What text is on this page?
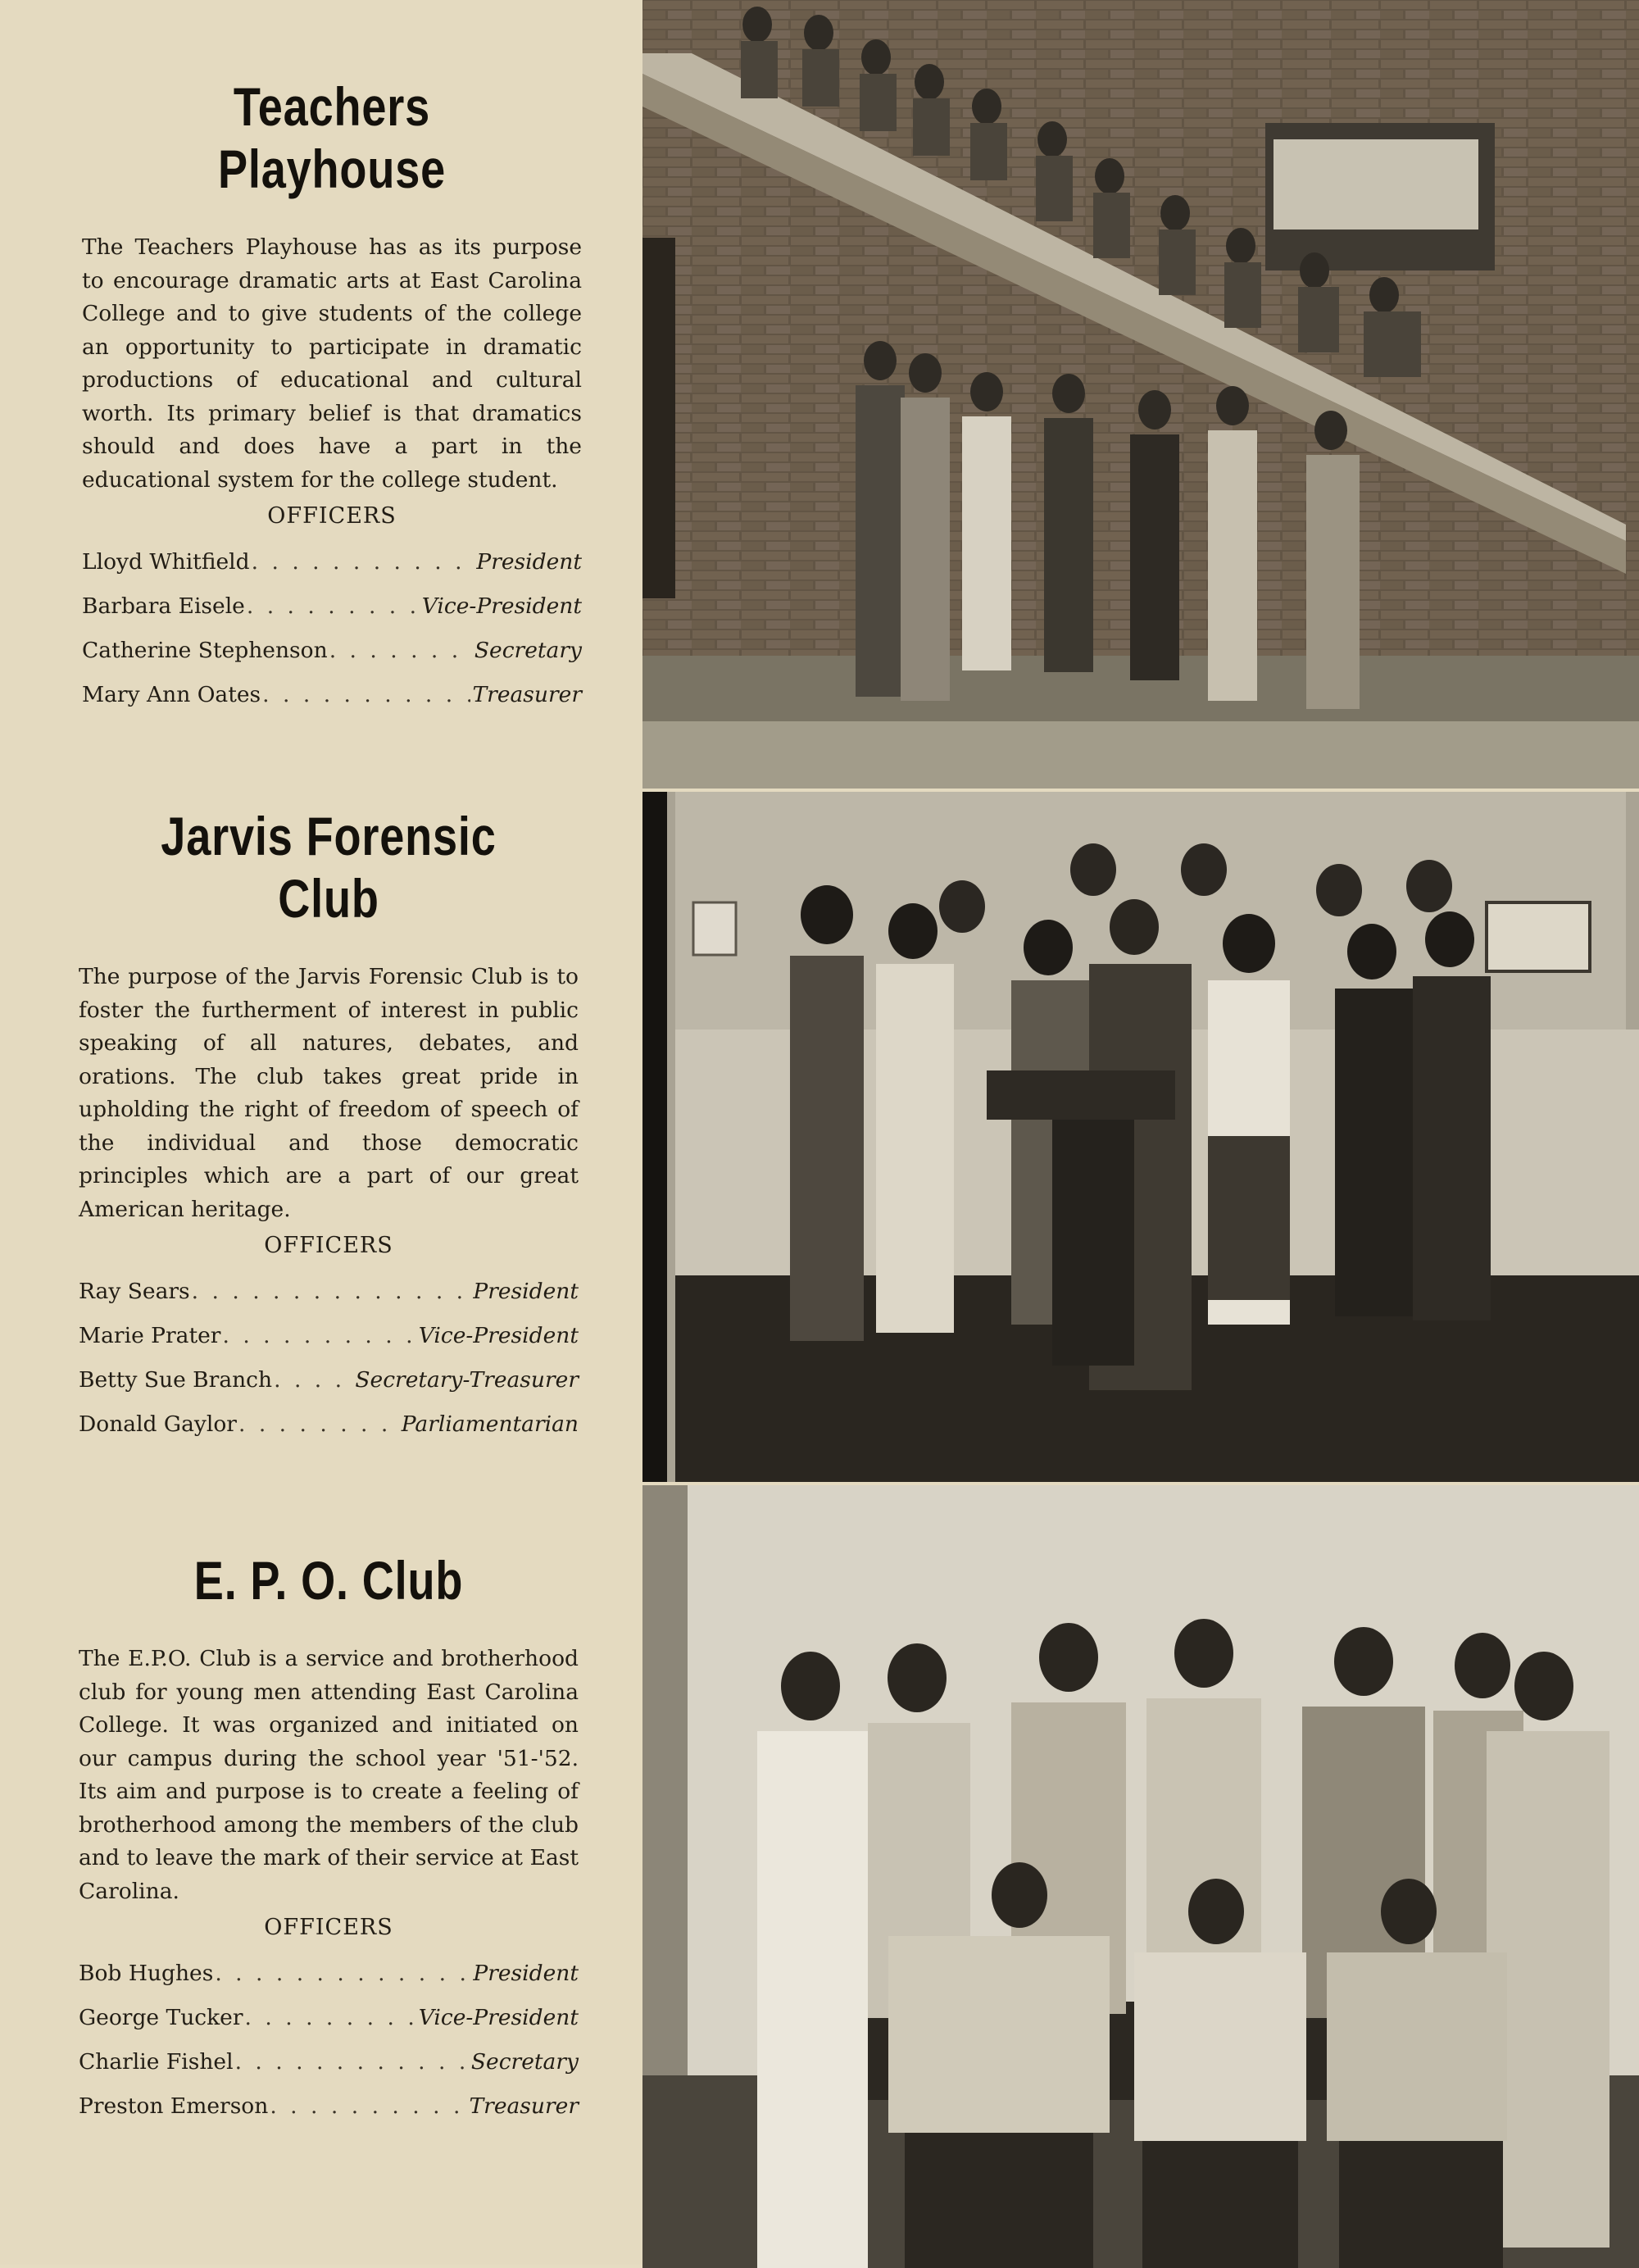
Teachers Playhouse

The Teachers Playhouse has as its purpose to encourage dramatic arts at East Carolina College and to give students of the college an opportunity to participate in dramatic productions of educational and cultural worth. Its primary belief is that dramatics should and does have a part in the educational system for the college student.

OFFICERS
Lloyd Whitfield . . .	President
Barbara Eisele . . .	Vice-President
Catherine Stephenson . . .	Secretary
Mary Ann Oates . . .	Treasurer
Jarvis Forensic Club

The purpose of the Jarvis Forensic Club is to foster the furtherment of interest in public speaking of all natures, debates, and orations. The club takes great pride in upholding the right of freedom of speech of the individual and those democratic principles which are a part of our great American heritage.

OFFICERS
Ray Sears . . .	President
Marie Prater . . .	Vice-President
Betty Sue Branch . . .	Secretary-Treasurer
Donald Gaylor . . .	Parliamentarian
E. P. O. Club

The E.P.O. Club is a service and brotherhood club for young men attending East Carolina College. It was organized and initiated on our campus during the school year '51-'52. Its aim and purpose is to create a feeling of brotherhood among the members of the club and to leave the mark of their service at East Carolina.

OFFICERS
Bob Hughes . . .	President
George Tucker . . .	Vice-President
Charlie Fishel . . .	Secretary
Preston Emerson . . .	Treasurer
